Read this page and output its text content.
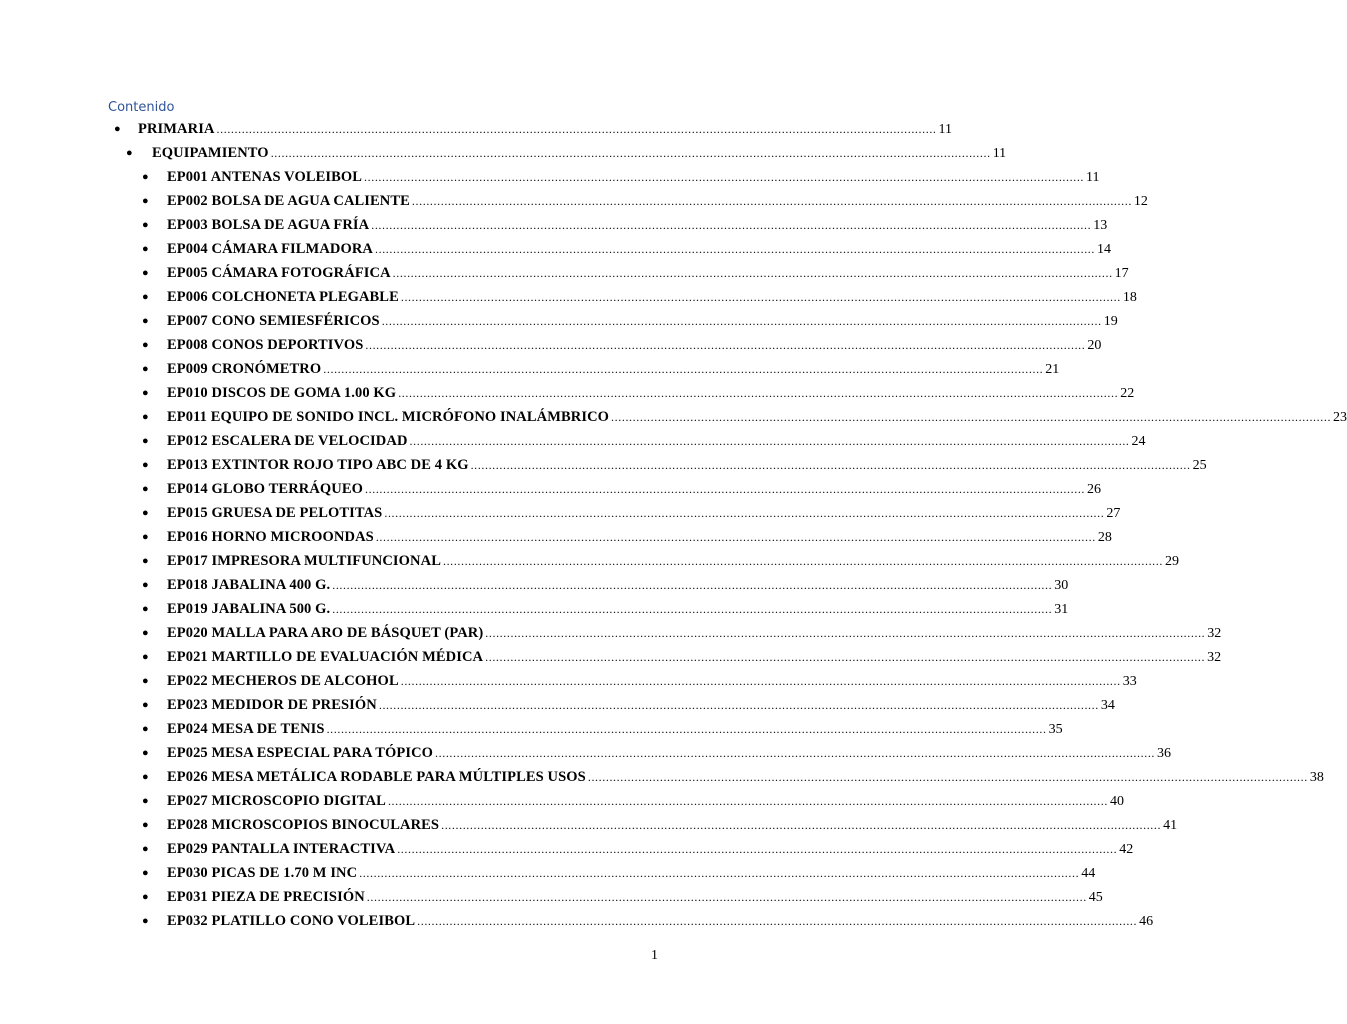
Contenido
● PRIMARIA ........................................................................................................................................................................................................ 11
● EQUIPAMIENTO ........................................................................................................................................................................................................ 11
● EP001 ANTENAS VOLEIBOL ........................................................................................................................................................................................................ 11
● EP002 BOLSA DE AGUA CALIENTE ........................................................................................................................................................................................................ 12
● EP003 BOLSA DE AGUA FRÍA ........................................................................................................................................................................................................ 13
● EP004 CÁMARA FILMADORA ........................................................................................................................................................................................................ 14
● EP005 CÁMARA FOTOGRÁFICA ........................................................................................................................................................................................................ 17
● EP006 COLCHONETA PLEGABLE ........................................................................................................................................................................................................ 18
● EP007 CONO SEMIESFÉRICOS ........................................................................................................................................................................................................ 19
● EP008 CONOS DEPORTIVOS ........................................................................................................................................................................................................ 20
● EP009 CRONÓMETRO ........................................................................................................................................................................................................ 21
● EP010 DISCOS DE GOMA 1.00 KG ........................................................................................................................................................................................................ 22
● EP011 EQUIPO DE SONIDO INCL. MICRÓFONO INALÁMBRICO ........................................................................................................................................................................................................ 23
● EP012 ESCALERA DE VELOCIDAD ........................................................................................................................................................................................................ 24
● EP013 EXTINTOR ROJO TIPO ABC DE 4 KG ........................................................................................................................................................................................................ 25
● EP014 GLOBO TERRÁQUEO ........................................................................................................................................................................................................ 26
● EP015 GRUESA DE PELOTITAS ........................................................................................................................................................................................................ 27
● EP016 HORNO MICROONDAS ........................................................................................................................................................................................................ 28
● EP017 IMPRESORA MULTIFUNCIONAL ........................................................................................................................................................................................................ 29
● EP018 JABALINA 400 G. ........................................................................................................................................................................................................ 30
● EP019 JABALINA 500 G. ........................................................................................................................................................................................................ 31
● EP020 MALLA PARA ARO DE BÁSQUET (PAR) ........................................................................................................................................................................................................ 32
● EP021 MARTILLO DE EVALUACIÓN MÉDICA ........................................................................................................................................................................................................ 32
● EP022 MECHEROS DE ALCOHOL ........................................................................................................................................................................................................ 33
● EP023 MEDIDOR DE PRESIÓN ........................................................................................................................................................................................................ 34
● EP024 MESA DE TENIS ........................................................................................................................................................................................................ 35
● EP025 MESA ESPECIAL PARA TÓPICO ........................................................................................................................................................................................................ 36
● EP026 MESA METÁLICA RODABLE PARA MÚLTIPLES USOS ........................................................................................................................................................................................................ 38
● EP027 MICROSCOPIO DIGITAL ........................................................................................................................................................................................................ 40
● EP028 MICROSCOPIOS BINOCULARES ........................................................................................................................................................................................................ 41
● EP029 PANTALLA INTERACTIVA ........................................................................................................................................................................................................ 42
● EP030 PICAS DE 1.70 M INC ........................................................................................................................................................................................................ 44
● EP031 PIEZA DE PRECISIÓN ........................................................................................................................................................................................................ 45
● EP032 PLATILLO CONO VOLEIBOL ........................................................................................................................................................................................................ 46
1
